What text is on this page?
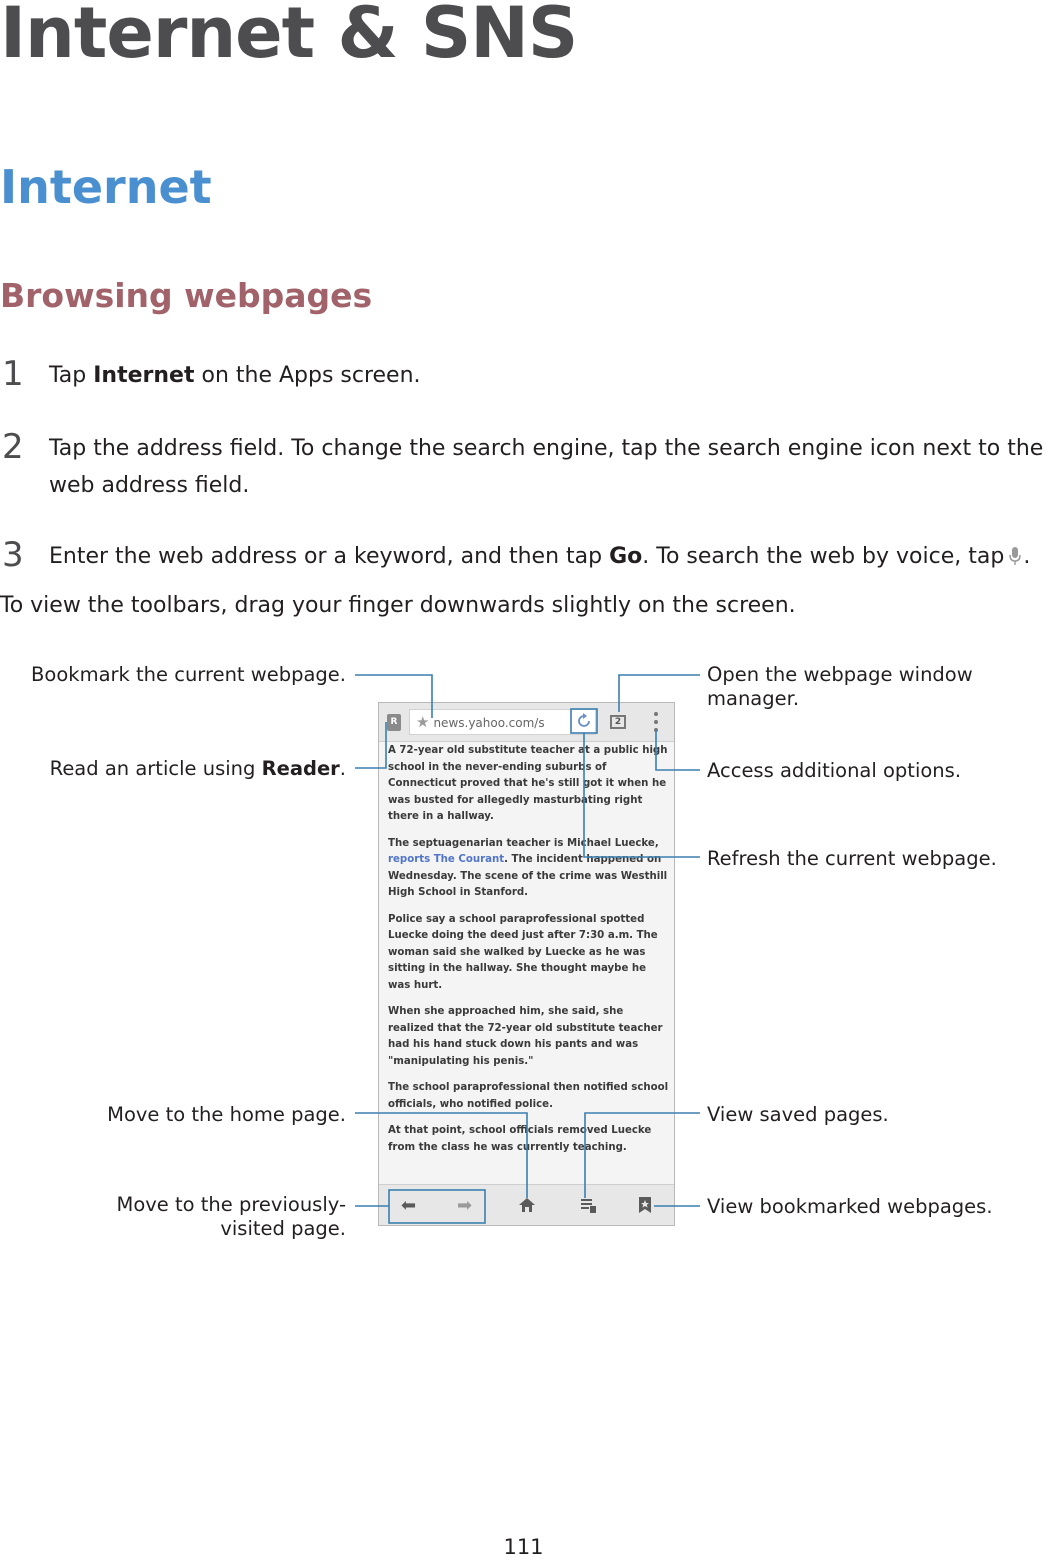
Internet & SNS
Internet
Browsing webpages
1 Tap Internet on the Apps screen.
2 Tap the address field. To change the search engine, tap the search engine icon next to the web address field.
3 Enter the web address or a keyword, and then tap Go. To search the web by voice, tap .
To view the toolbars, drag your finger downwards slightly on the screen.
Bookmark the current webpage.
Read an article using Reader.
Move to the home page.
Move to the previously-visited page.
Open the webpage window manager.
Access additional options.
Refresh the current webpage.
View saved pages.
View bookmarked webpages.
R	★ news.yahoo.com/s	2

A 72-year old substitute teacher at a public high school in the never-ending suburbs of Connecticut proved that he's still got it when he was busted for allegedly masturbating right there in a hallway.

The septuagenarian teacher is Michael Luecke, reports The Courant. The incident happened on Wednesday. The scene of the crime was Westhill High School in Stanford.

Police say a school paraprofessional spotted Luecke doing the deed just after 7:30 a.m. The woman said she walked by Luecke as he was sitting in the hallway. She thought maybe he was hurt.

When she approached him, she said, she realized that the 72-year old substitute teacher had his hand stuck down his pants and was "manipulating his penis."

The school paraprofessional then notified school officials, who notified police.

At that point, school officials removed Luecke from the class he was currently teaching.

⬅ ➡
111
